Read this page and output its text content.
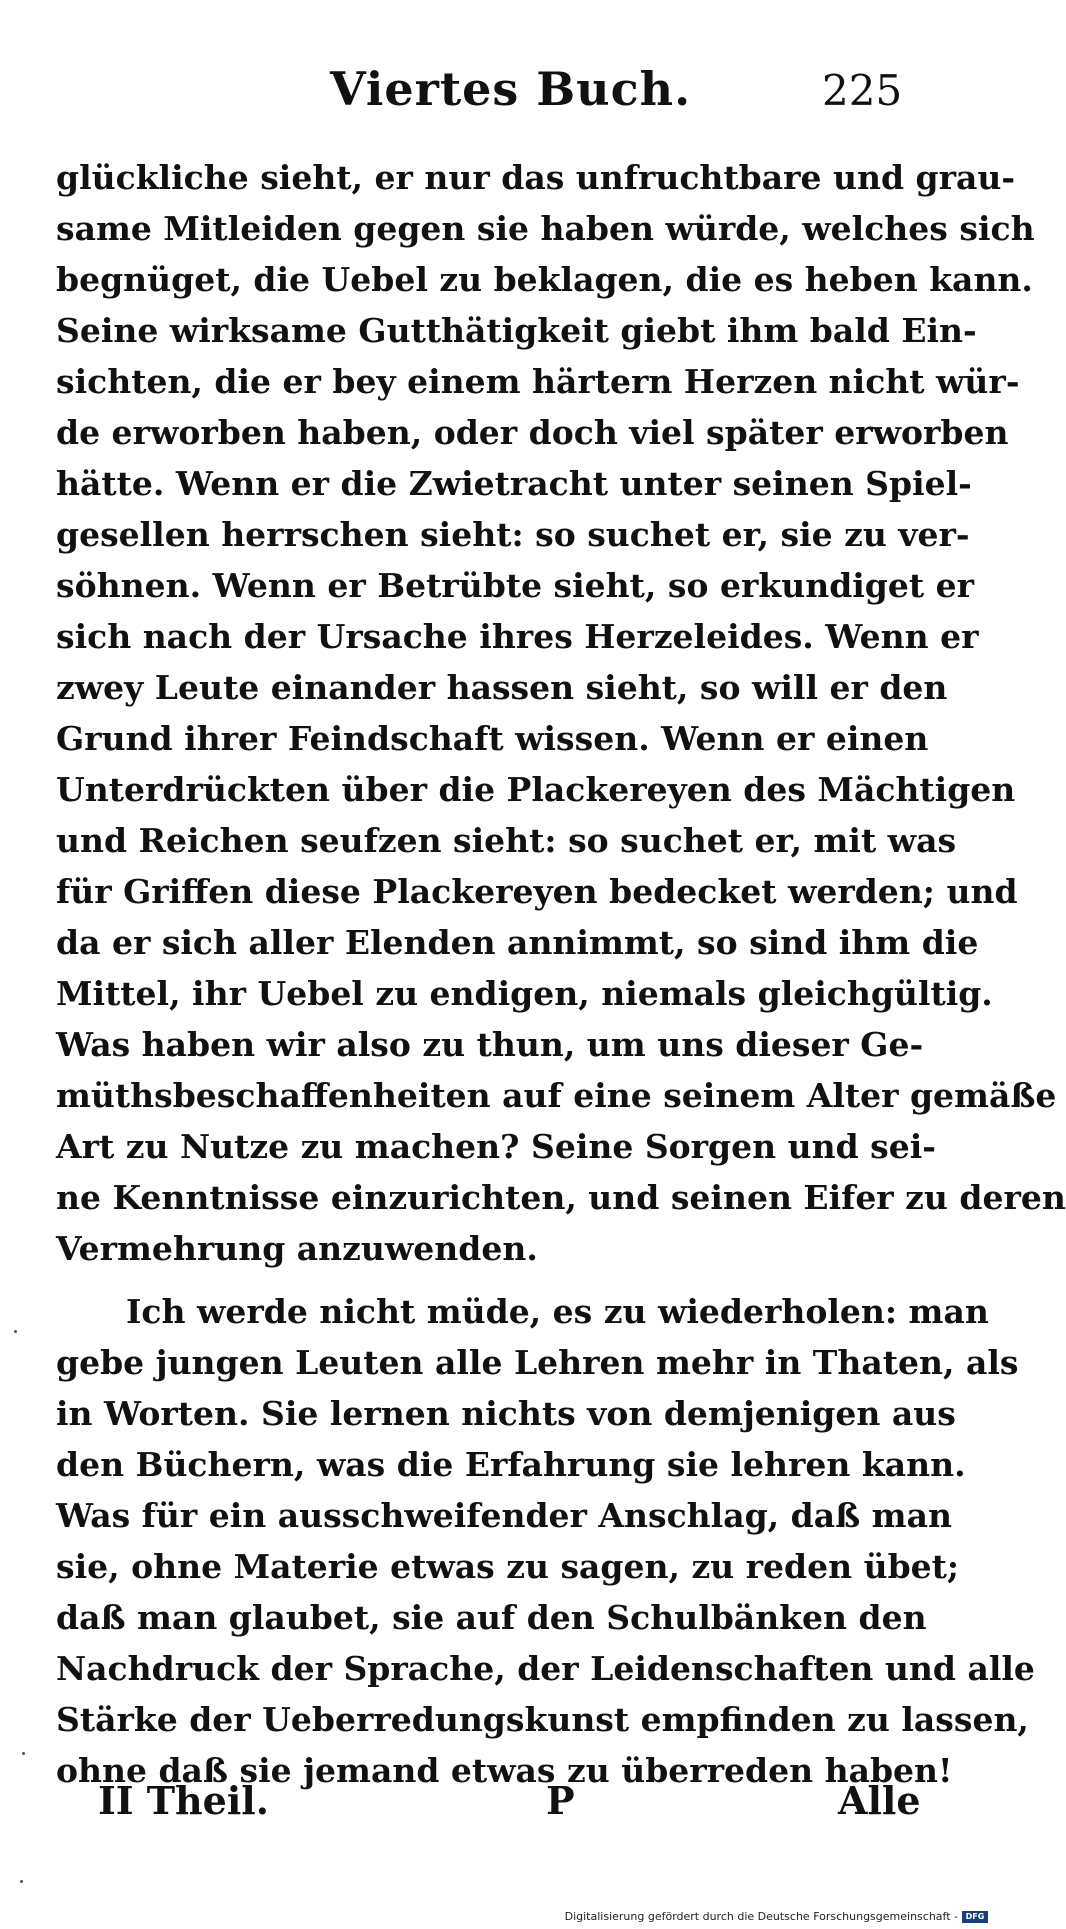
Viertes Buch.	225
glückliche sieht, er nur das unfruchtbare und grau-
same Mitleiden gegen sie haben würde, welches sich
begnüget, die Uebel zu beklagen, die es heben kann.
Seine wirksame Gutthätigkeit giebt ihm bald Ein-
sichten, die er bey einem härtern Herzen nicht wür-
de erworben haben, oder doch viel später erworben
hätte. Wenn er die Zwietracht unter seinen Spiel-
gesellen herrschen sieht: so suchet er, sie zu ver-
söhnen. Wenn er Betrübte sieht, so erkundiget er
sich nach der Ursache ihres Herzeleides. Wenn er
zwey Leute einander hassen sieht, so will er den
Grund ihrer Feindschaft wissen. Wenn er einen
Unterdrückten über die Plackereyen des Mächtigen
und Reichen seufzen sieht: so suchet er, mit was
für Griffen diese Plackereyen bedecket werden; und
da er sich aller Elenden annimmt, so sind ihm die
Mittel, ihr Uebel zu endigen, niemals gleichgültig.
Was haben wir also zu thun, um uns dieser Ge-
müthsbeschaffenheiten auf eine seinem Alter gemäße
Art zu Nutze zu machen? Seine Sorgen und sei-
ne Kenntnisse einzurichten, und seinen Eifer zu deren
Vermehrung anzuwenden.
Ich werde nicht müde, es zu wiederholen: man
gebe jungen Leuten alle Lehren mehr in Thaten, als
in Worten. Sie lernen nichts von demjenigen aus
den Büchern, was die Erfahrung sie lehren kann.
Was für ein ausschweifender Anschlag, daß man
sie, ohne Materie etwas zu sagen, zu reden übet;
daß man glaubet, sie auf den Schulbänken den
Nachdruck der Sprache, der Leidenschaften und alle
Stärke der Ueberredungskunst empfinden zu lassen,
ohne daß sie jemand etwas zu überreden haben!
II Theil.	P	Alle
Digitalisierung gefördert durch die Deutsche Forschungsgemeinschaft - DFG
